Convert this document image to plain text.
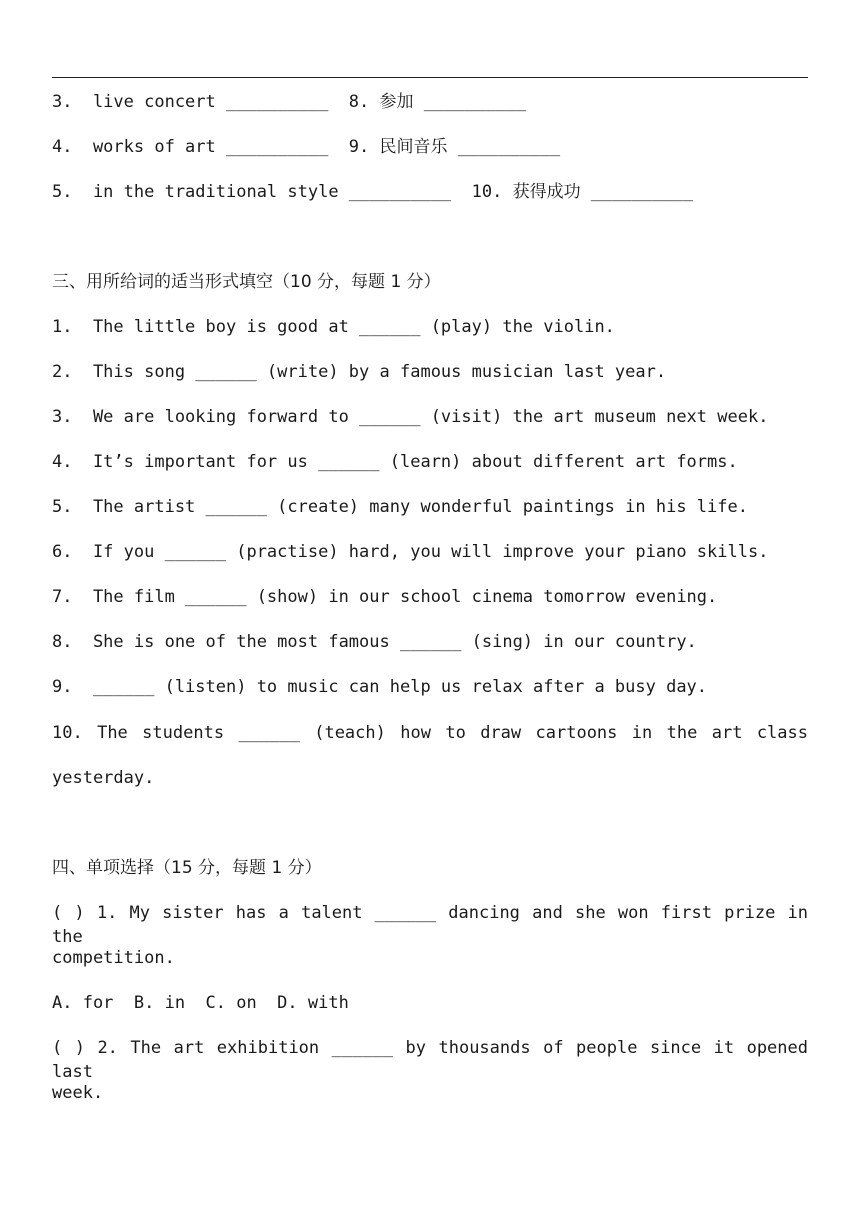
3.  live concert __________  8. 参加 __________
4.  works of art __________  9. 民间音乐 __________
5.  in the traditional style __________  10. 获得成功 __________
三、用所给词的适当形式填空（10 分，每题 1 分）
1.  The little boy is good at ______ (play) the violin.
2.  This song ______ (write) by a famous musician last year.
3.  We are looking forward to ______ (visit) the art museum next week.
4.  It’s important for us ______ (learn) about different art forms.
5.  The artist ______ (create) many wonderful paintings in his life.
6.  If you ______ (practise) hard, you will improve your piano skills.
7.  The film ______ (show) in our school cinema tomorrow evening.
8.  She is one of the most famous ______ (sing) in our country.
9.  ______ (listen) to music can help us relax after a busy day.
10. The students ______ (teach) how to draw cartoons in the art class
yesterday.
四、单项选择（15 分，每题 1 分）
( ) 1. My sister has a talent ______ dancing and she won first prize in the
competition.
A. for  B. in  C. on  D. with
( ) 2. The art exhibition ______ by thousands of people since it opened last
week.
